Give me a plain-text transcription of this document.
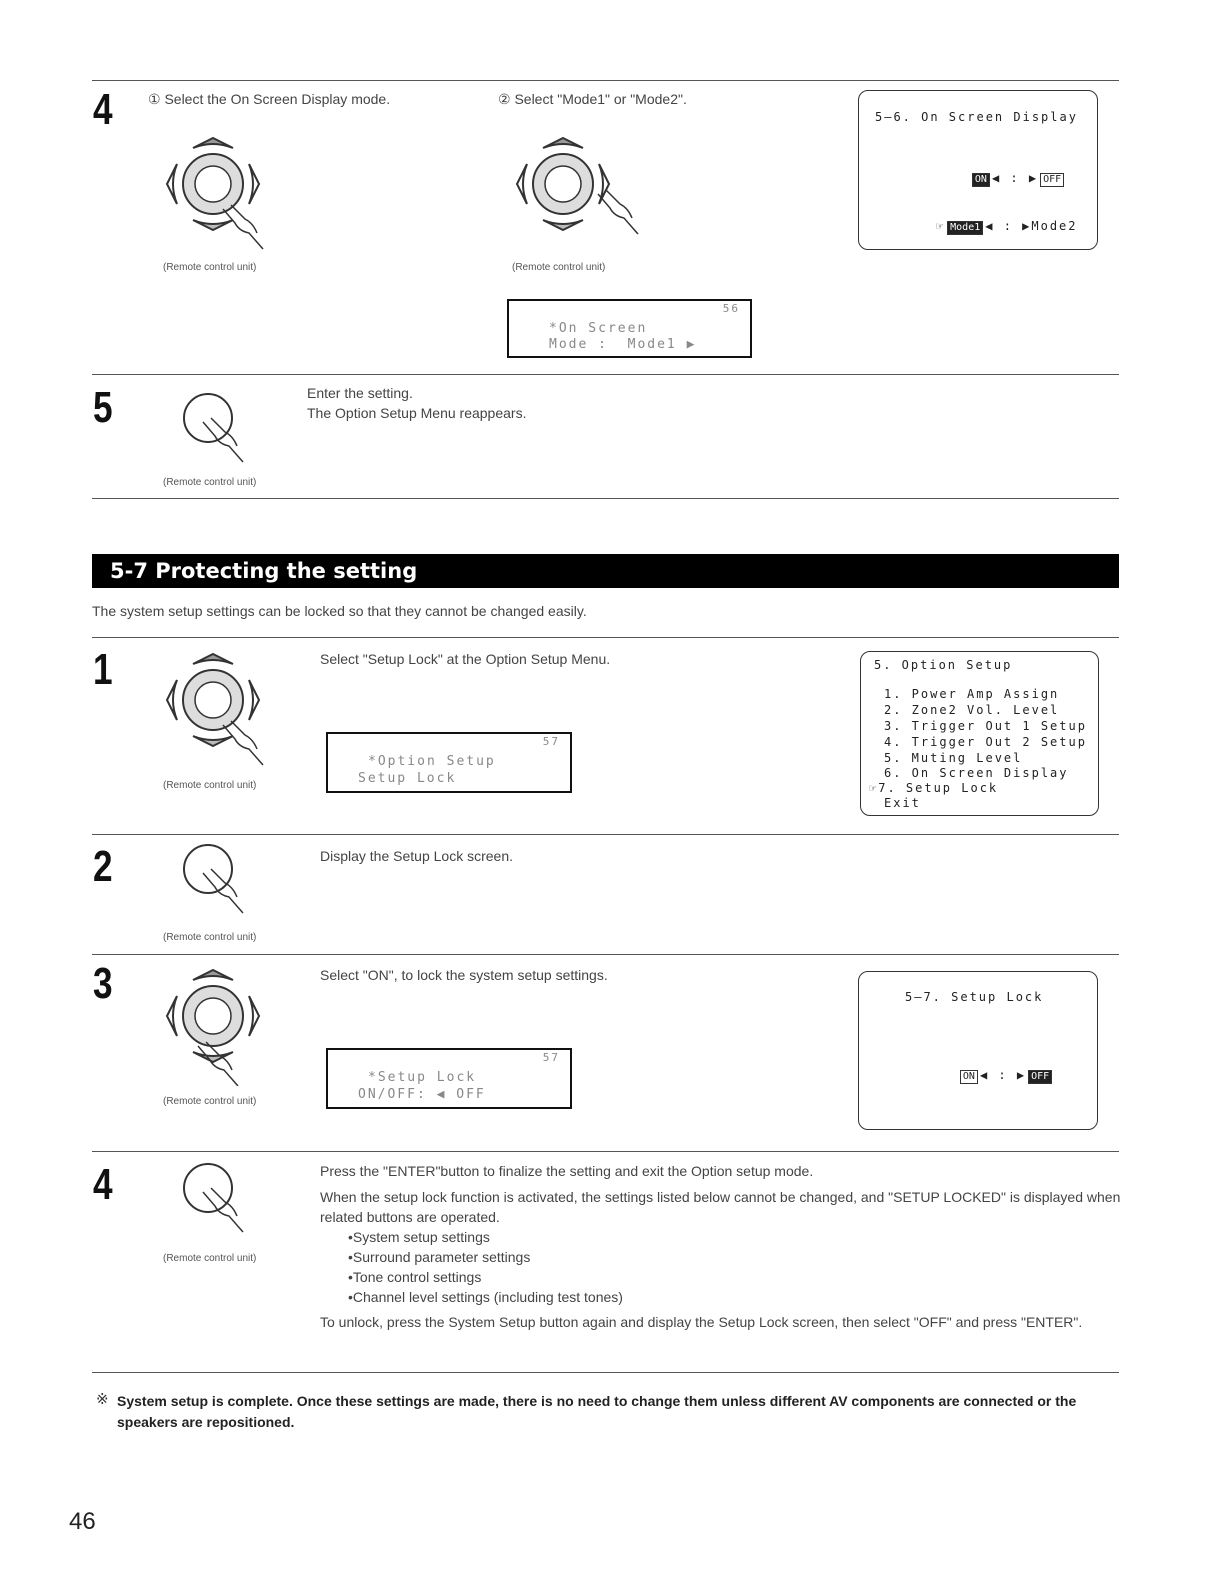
4	① Select the On Screen Display mode.	② Select "Mode1" or "Mode2".
(Remote control unit)	(Remote control unit)
5–6. On Screen Display

ON ◀ : ▶ OFF

☞ Mode1 ◀ : ▶Mode2

56
*On Screen
Mode :  Mode1 ▶
5	Enter the setting.
The Option Setup Menu reappears.
(Remote control unit)
5-7 Protecting the setting
The system setup settings can be locked so that they cannot be changed easily.
1
(Remote control unit)
Select "Setup Lock" at the Option Setup Menu.
57
*Option Setup
Setup Lock
5. Option Setup
1. Power Amp Assign
2. Zone2 Vol. Level
3. Trigger Out 1 Setup
4. Trigger Out 2 Setup
5. Muting Level
6. On Screen Display
☞7. Setup Lock
Exit
2	Display the Setup Lock screen.
(Remote control unit)
3
(Remote control unit)
Select "ON", to lock the system setup settings.
57
*Setup Lock
ON/OFF: ◀ OFF
5–7. Setup Lock

ON ◀ : ▶ OFF

4
(Remote control unit)
Press the "ENTER"button to finalize the setting and exit the Option setup mode.
When the setup lock function is activated, the settings listed below cannot be changed, and "SETUP LOCKED" is displayed when related buttons are operated.
• System setup settings
• Surround parameter settings
• Tone control settings
• Channel level settings (including test tones)
To unlock, press the System Setup button again and display the Setup Lock screen, then select "OFF" and press "ENTER".
※ System setup is complete. Once these settings are made, there is no need to change them unless different AV components are connected or the speakers are repositioned.
46
